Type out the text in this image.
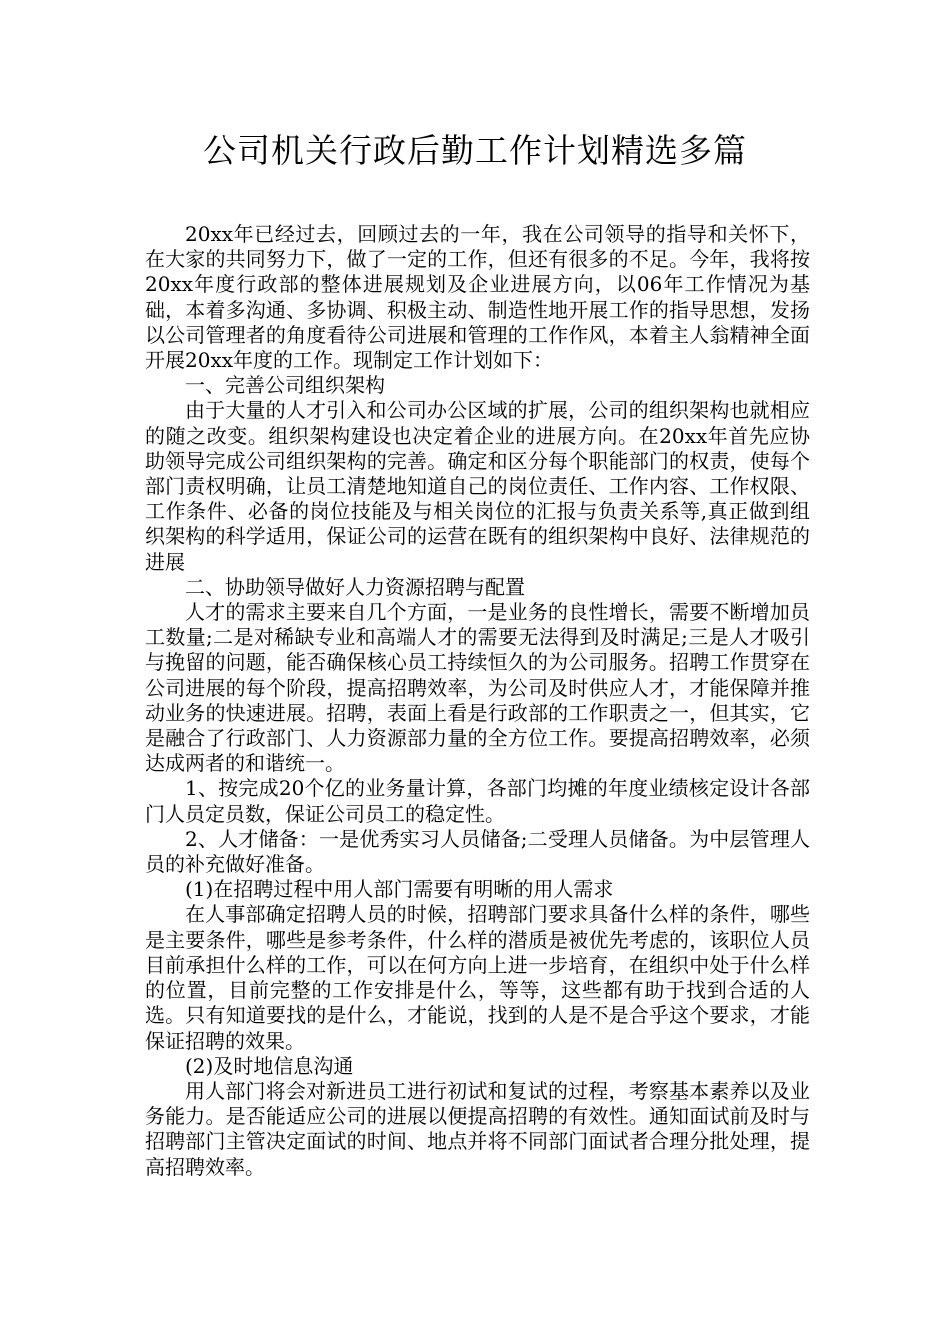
公司机关行政后勤工作计划精选多篇

20xx年已经过去，回顾过去的一年，我在公司领导的指导和关怀下，在大家的共同努力下，做了一定的工作，但还有很多的不足。今年，我将按20xx年度行政部的整体进展规划及企业进展方向，以06年工作情况为基础，本着多沟通、多协调、积极主动、制造性地开展工作的指导思想，发扬以公司管理者的角度看待公司进展和管理的工作作风，本着主人翁精神全面开展20xx年度的工作。现制定工作计划如下：

一、完善公司组织架构

由于大量的人才引入和公司办公区域的扩展，公司的组织架构也就相应的随之改变。组织架构建设也决定着企业的进展方向。在20xx年首先应协助领导完成公司组织架构的完善。确定和区分每个职能部门的权责，使每个部门责权明确，让员工清楚地知道自己的岗位责任、工作内容、工作权限、工作条件、必备的岗位技能及与相关岗位的汇报与负责关系等,真正做到组织架构的科学适用，保证公司的运营在既有的组织架构中良好、法律规范的进展

二、协助领导做好人力资源招聘与配置

人才的需求主要来自几个方面，一是业务的良性增长，需要不断增加员工数量;二是对稀缺专业和高端人才的需要无法得到及时满足;三是人才吸引与挽留的问题，能否确保核心员工持续恒久的为公司服务。招聘工作贯穿在公司进展的每个阶段，提高招聘效率，为公司及时供应人才，才能保障并推动业务的快速进展。招聘，表面上看是行政部的工作职责之一，但其实，它是融合了行政部门、人力资源部力量的全方位工作。要提高招聘效率，必须达成两者的和谐统一。

1、按完成20个亿的业务量计算，各部门均摊的年度业绩核定设计各部门人员定员数，保证公司员工的稳定性。

2、人才储备：一是优秀实习人员储备;二受理人员储备。为中层管理人员的补充做好准备。

(1)在招聘过程中用人部门需要有明晰的用人需求

在人事部确定招聘人员的时候，招聘部门要求具备什么样的条件，哪些是主要条件，哪些是参考条件，什么样的潜质是被优先考虑的，该职位人员目前承担什么样的工作，可以在何方向上进一步培育，在组织中处于什么样的位置，目前完整的工作安排是什么，等等，这些都有助于找到合适的人选。只有知道要找的是什么，才能说，找到的人是不是合乎这个要求，才能保证招聘的效果。

(2)及时地信息沟通

用人部门将会对新进员工进行初试和复试的过程，考察基本素养以及业务能力。是否能适应公司的进展以便提高招聘的有效性。通知面试前及时与招聘部门主管决定面试的时间、地点并将不同部门面试者合理分批处理，提高招聘效率。
